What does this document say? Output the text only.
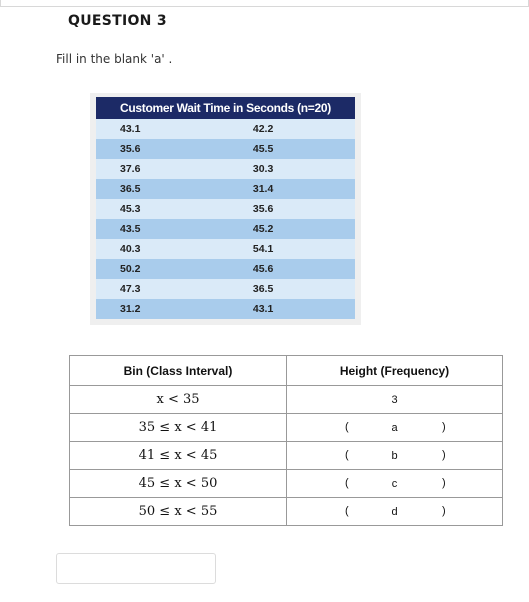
QUESTION 3
Fill in the blank 'a' .
Customer Wait Time in Seconds (n=20)	
43.1	42.2
35.6	45.5
37.6	30.3
36.5	31.4
45.3	35.6
43.5	45.2
40.3	54.1
50.2	45.6
47.3	36.5
31.2	43.1
Bin (Class Interval)	Height (Frequency)
x < 35	3
35 ≤ x < 41	( a )

41 ≤ x < 45	( b )

45 ≤ x < 50	( c )

50 ≤ x < 55	( d )
